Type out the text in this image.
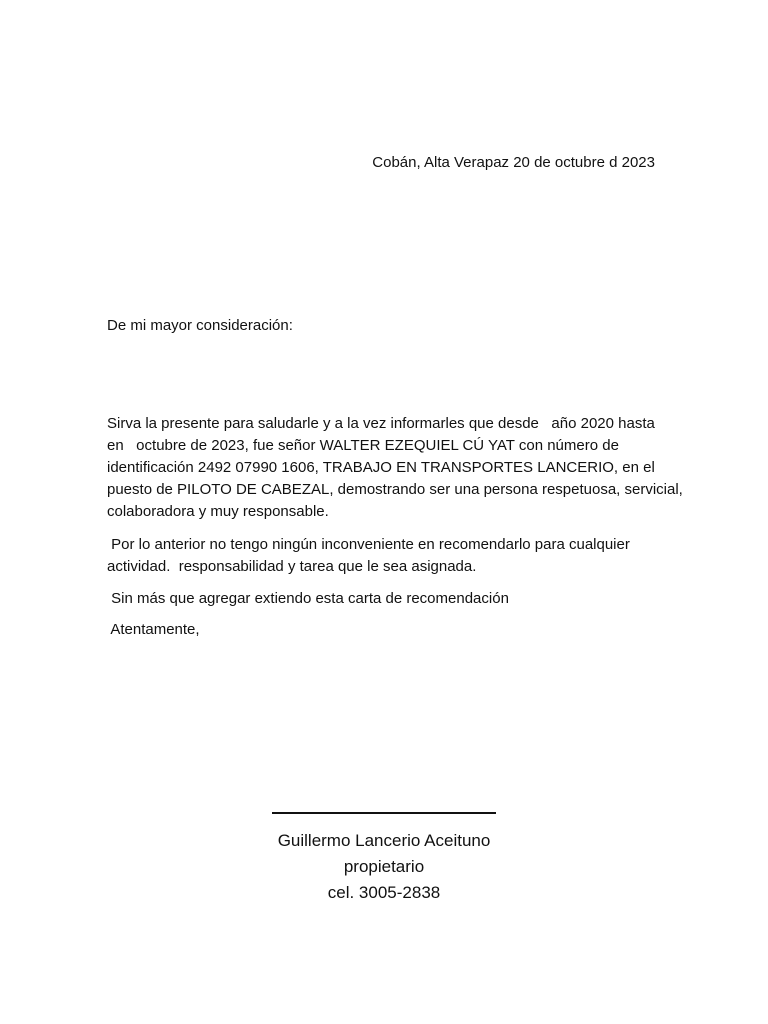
Cobán, Alta Verapaz 20 de octubre d 2023
De mi mayor consideración:
Sirva la presente para saludarle y a la vez informarles que desde   año 2020 hasta
en   octubre de 2023, fue señor WALTER EZEQUIEL CÚ YAT con número de
identificación 2492 07990 1606, TRABAJO EN TRANSPORTES LANCERIO, en el
puesto de PILOTO DE CABEZAL, demostrando ser una persona respetuosa, servicial,
colaboradora y muy responsable.
Por lo anterior no tengo ningún inconveniente en recomendarlo para cualquier
actividad.  responsabilidad y tarea que le sea asignada.
Sin más que agregar extiendo esta carta de recomendación
Atentamente,
Guillermo Lancerio Aceituno
propietario
cel. 3005-2838
